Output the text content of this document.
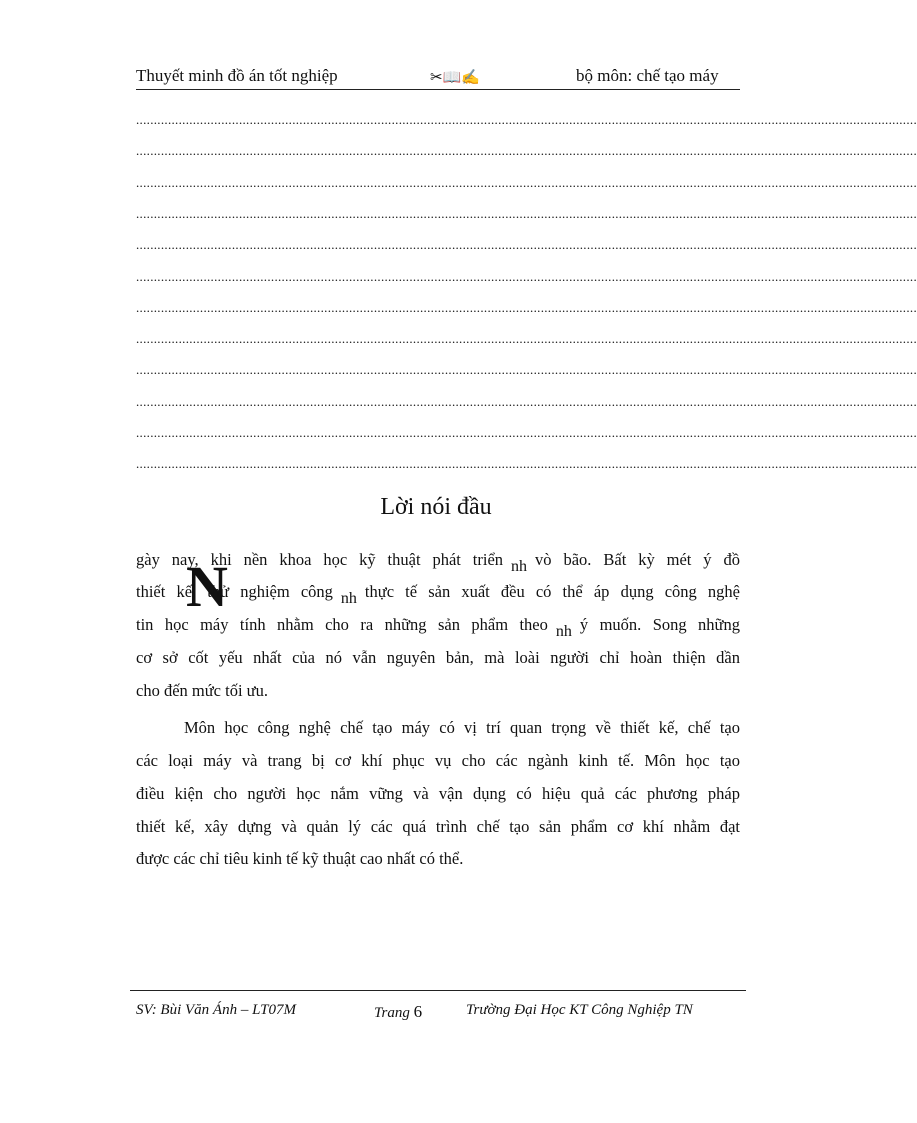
Thuyết minh đồ án tốt nghiệp	✂📖✍	bộ môn: chế tạo máy
............................................................................................................................................................................................................................
............................................................................................................................................................................................................................
............................................................................................................................................................................................................................
............................................................................................................................................................................................................................
............................................................................................................................................................................................................................
............................................................................................................................................................................................................................
............................................................................................................................................................................................................................
............................................................................................................................................................................................................................
............................................................................................................................................................................................................................
............................................................................................................................................................................................................................
............................................................................................................................................................................................................................
............................................................................................................................................................................................................................
Lời nói đầu
N
gày nay, khi nền khoa học kỹ thuật phát triển nh vò bão. Bất kỳ mét ý đồ
thiết kế, thử nghiệm công nh thực tế sản xuất đều có thể áp dụng công nghệ
tin học máy tính nhằm cho ra những sản phẩm theo nh ý muốn. Song những
cơ sở cốt yếu nhất của nó vẫn nguyên bản, mà loài người chỉ hoàn thiện dần
cho đến mức tối ưu.
Môn học công nghệ chế tạo máy có vị trí quan trọng về thiết kế, chế tạo
các loại máy và trang bị cơ khí phục vụ cho các ngành kinh tế. Môn học tạo
điều kiện cho người học nắm vững và vận dụng có hiệu quả các phương pháp
thiết kế, xây dựng và quản lý các quá trình chế tạo sản phẩm cơ khí nhằm đạt
được các chỉ tiêu kinh tế kỹ thuật cao nhất có thể.
SV: Bùi Văn Ánh – LT07M	Trang 6	Trường Đại Học KT Công Nghiệp TN
